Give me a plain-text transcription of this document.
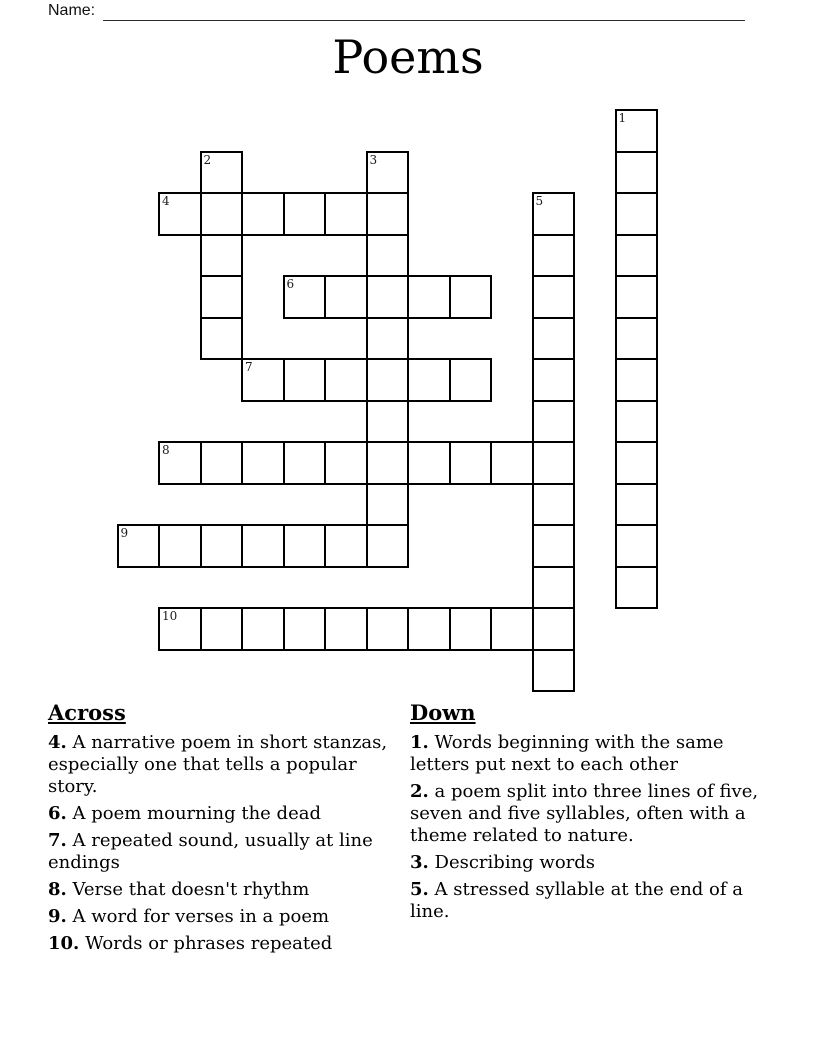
Name:
Poems
1
2	3
4	5
6
7
8
9
10
Across

4. A narrative poem in short stanzas, especially one that tells a popular story.

6. A poem mourning the dead

7. A repeated sound, usually at line endings

8. Verse that doesn't rhythm

9. A word for verses in a poem

10. Words or phrases repeated

Down

1. Words beginning with the same letters put next to each other

2. a poem split into three lines of five, seven and five syllables, often with a theme related to nature.

3. Describing words

5. A stressed syllable at the end of a line.
